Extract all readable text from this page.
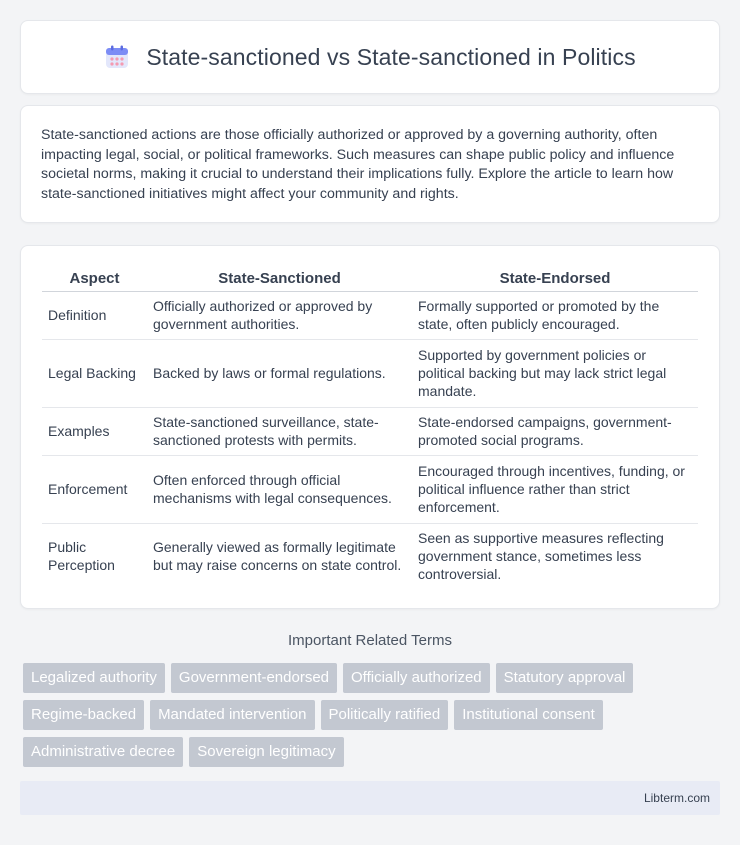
State-sanctioned vs State-sanctioned in Politics

State-sanctioned actions are those officially authorized or approved by a governing authority, often impacting legal, social, or political frameworks. Such measures can shape public policy and influence societal norms, making it crucial to understand their implications fully. Explore the article to learn how state-sanctioned initiatives might affect your community and rights.

Aspect	State-Sanctioned	State-Endorsed
Definition	Officially authorized or approved by government authorities.	Formally supported or promoted by the state, often publicly encouraged.
Legal Backing	Backed by laws or formal regulations.	Supported by government policies or political backing but may lack strict legal mandate.
Examples	State-sanctioned surveillance, state-sanctioned protests with permits.	State-endorsed campaigns, government-promoted social programs.
Enforcement	Often enforced through official mechanisms with legal consequences.	Encouraged through incentives, funding, or political influence rather than strict enforcement.
Public Perception	Generally viewed as formally legitimate but may raise concerns on state control.	Seen as supportive measures reflecting government stance, sometimes less controversial.
Important Related Terms
Legalized authority	Government-endorsed	Officially authorized	Statutory approval
Regime-backed	Mandated intervention	Politically ratified	Institutional consent
Administrative decree	Sovereign legitimacy
Libterm.com
